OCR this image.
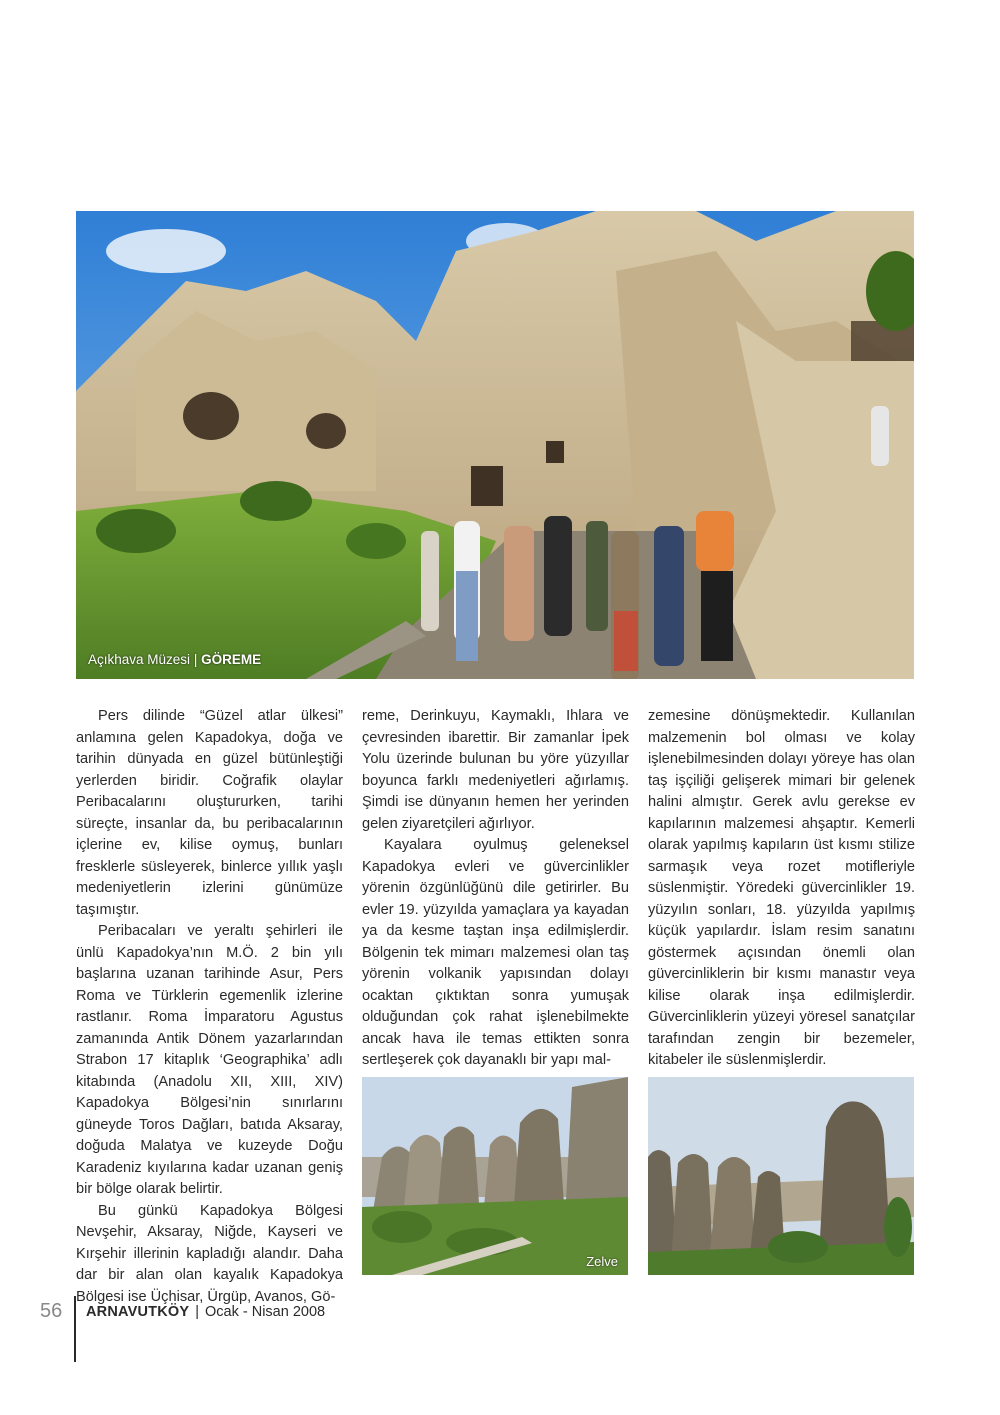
Açıkhava Müzesi | GÖREME

Pers dilinde “Güzel atlar ülkesi” anlamına gelen Kapadokya, doğa ve tarihin dünyada en güzel bütünleştiği yerlerden biridir. Coğrafik olaylar Peribacalarını oluştururken, tarihi süreçte, insanlar da, bu peribacalarının içlerine ev, kilise oymuş, bunları fresklerle süsleyerek, binlerce yıllık yaşlı medeniyetlerin izlerini günümüze taşımıştır.

Peribacaları ve yeraltı şehirleri ile ünlü Kapadokya’nın M.Ö. 2 bin yılı başlarına uzanan tarihinde Asur, Pers Roma ve Türklerin egemenlik izlerine rastlanır. Roma İmparatoru Agustus zamanında Antik Dönem yazarlarından Strabon 17 kitaplık ‘Geographika’ adlı kitabında (Anadolu XII, XIII, XIV) Kapadokya Bölgesi’nin sınırlarını güneyde Toros Dağları, batıda Aksaray, doğuda Malatya ve kuzeyde Doğu Karadeniz kıyılarına kadar uzanan geniş bir bölge olarak belirtir.

Bu günkü Kapadokya Bölgesi Nevşehir, Aksaray, Niğde, Kayseri ve Kırşehir illerinin kapladığı alandır. Daha dar bir alan olan kayalık Kapadokya Bölgesi ise Üçhisar, Ürgüp, Avanos, Gö-

reme, Derinkuyu, Kaymaklı, Ihlara ve çevresinden ibarettir. Bir zamanlar İpek Yolu üzerinde bulunan bu yöre yüzyıllar boyunca farklı medeniyetleri ağırlamış. Şimdi ise dünyanın hemen her yerinden gelen ziyaretçileri ağırlıyor.

Kayalara oyulmuş geleneksel Kapadokya evleri ve güvercinlikler yörenin özgünlüğünü dile getirirler. Bu evler 19. yüzyılda yamaçlara ya kayadan ya da kesme taştan inşa edilmişlerdir. Bölgenin tek mimarı malzemesi olan taş yörenin volkanik yapısından dolayı ocaktan çıktıktan sonra yumuşak olduğundan çok rahat işlenebilmekte ancak hava ile temas ettikten sonra sertleşerek çok dayanaklı bir yapı mal-

zemesine dönüşmektedir. Kullanılan malzemenin bol olması ve kolay işlenebilmesinden dolayı yöreye has olan taş işçiliği gelişerek mimari bir gelenek halini almıştır. Gerek avlu gerekse ev kapılarının malzemesi ahşaptır. Kemerli olarak yapılmış kapıların üst kısmı stilize sarmaşık veya rozet motifleriyle süslenmiştir. Yöredeki güvercinlikler 19. yüzyılın sonları, 18. yüzyılda yapılmış küçük yapılardır. İslam resim sanatını göstermek açısından önemli olan güvercinliklerin bir kısmı manastır veya kilise olarak inşa edilmişlerdir. Güvercinliklerin yüzeyi yöresel sanatçılar tarafından zengin bir bezemeler, kitabeler ile süslenmişlerdir.

Zelve
56 ARNAVUTKÖY | Ocak - Nisan 2008
